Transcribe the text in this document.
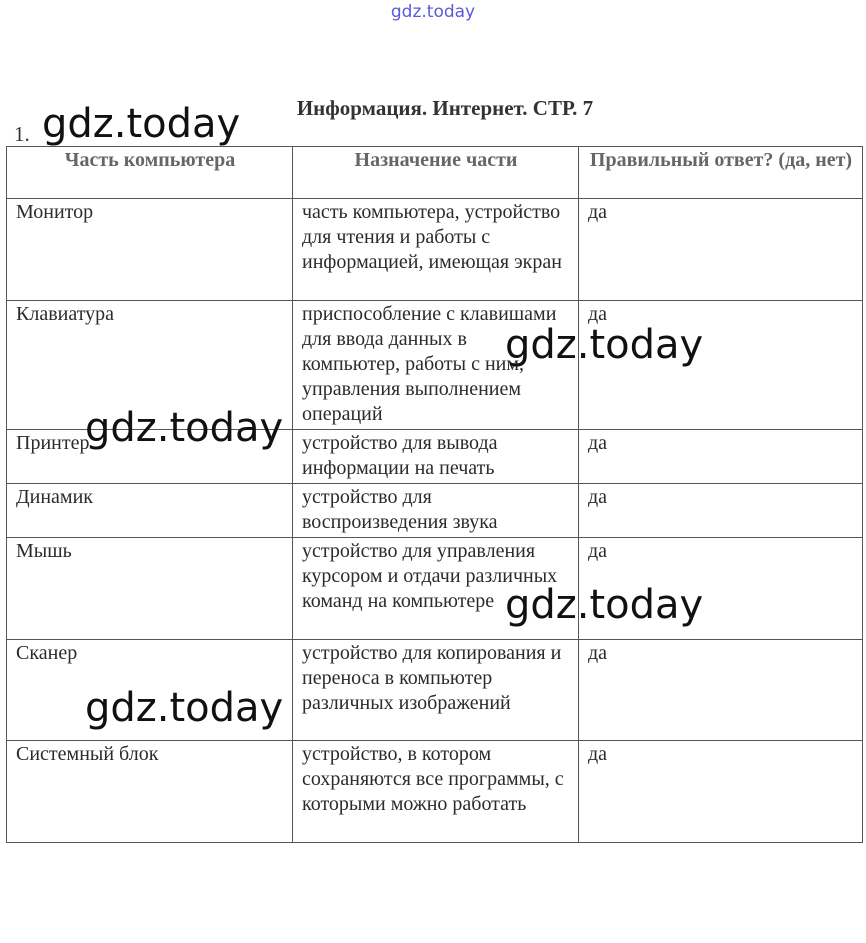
gdz.today
Информация. Интернет. СТР. 7
1.
Часть компьютера	Назначение части	Правильный ответ? (да, нет)
Монитор	часть компьютера, устройство для чтения и работы с информацией, имеющая экран	да
Клавиатура	приспособление с клавишами для ввода данных в компьютер, работы с ним, управления выполнением операций	да
Принтер	устройство для вывода информации на печать	да
Динамик	устройство для воспроизведения звука	да
Мышь	устройство для управления курсором и отдачи различных команд на компьютере	да
Сканер	устройство для копирования и переноса в компьютер различных изображений	да
Системный блок	устройство, в котором сохраняются все программы, с которыми можно работать	да
gdz.today
gdz.today
gdz.today
gdz.today
gdz.today
